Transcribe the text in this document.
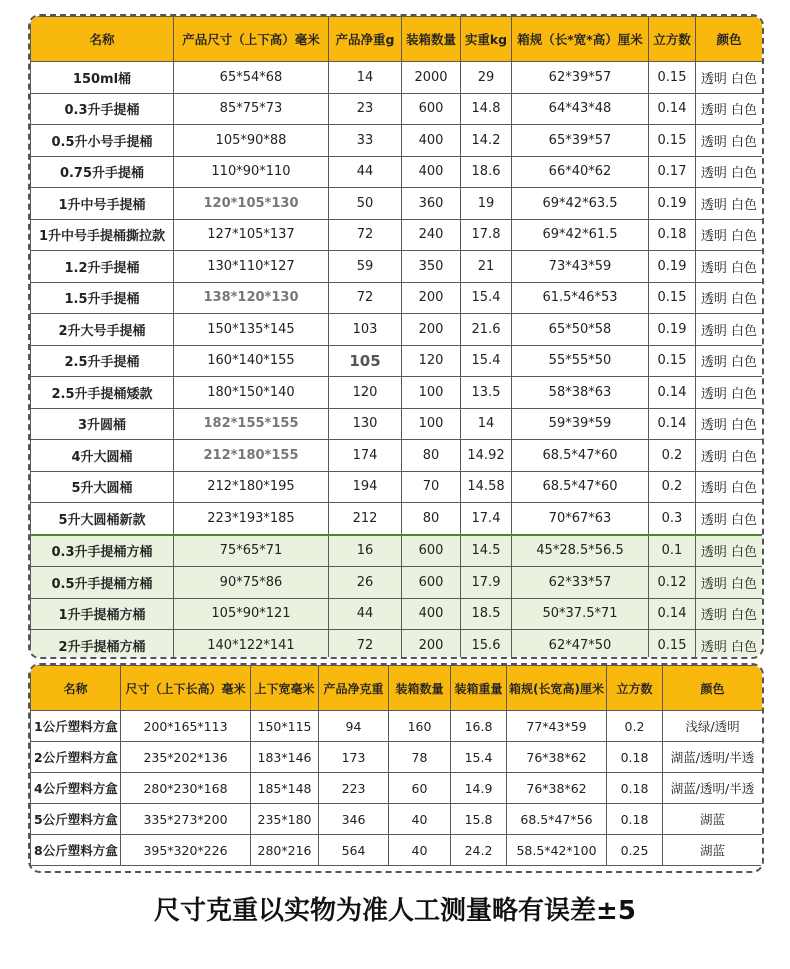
名称	产品尺寸（上下高）毫米	产品净重g	装箱数量	实重kg	箱规（长*宽*高）厘米	立方数	颜色
150ml桶	65*54*68	14	2000	29	62*39*57	0.15	透明 白色
0.3升手提桶	85*75*73	23	600	14.8	64*43*48	0.14	透明 白色
0.5升小号手提桶	105*90*88	33	400	14.2	65*39*57	0.15	透明 白色
0.75升手提桶	110*90*110	44	400	18.6	66*40*62	0.17	透明 白色
1升中号手提桶	120*105*130	50	360	19	69*42*63.5	0.19	透明 白色
1升中号手提桶撕拉款	127*105*137	72	240	17.8	69*42*61.5	0.18	透明 白色
1.2升手提桶	130*110*127	59	350	21	73*43*59	0.19	透明 白色
1.5升手提桶	138*120*130	72	200	15.4	61.5*46*53	0.15	透明 白色
2升大号手提桶	150*135*145	103	200	21.6	65*50*58	0.19	透明 白色
2.5升手提桶	160*140*155	105	120	15.4	55*55*50	0.15	透明 白色
2.5升手提桶矮款	180*150*140	120	100	13.5	58*38*63	0.14	透明 白色
3升圆桶	182*155*155	130	100	14	59*39*59	0.14	透明 白色
4升大圆桶	212*180*155	174	80	14.92	68.5*47*60	0.2	透明 白色
5升大圆桶	212*180*195	194	70	14.58	68.5*47*60	0.2	透明 白色
5升大圆桶新款	223*193*185	212	80	17.4	70*67*63	0.3	透明 白色
0.3升手提桶方桶	75*65*71	16	600	14.5	45*28.5*56.5	0.1	透明 白色
0.5升手提桶方桶	90*75*86	26	600	17.9	62*33*57	0.12	透明 白色
1升手提桶方桶	105*90*121	44	400	18.5	50*37.5*71	0.14	透明 白色
2升手提桶方桶	140*122*141	72	200	15.6	62*47*50	0.15	透明 白色
名称	尺寸（上下长高）毫米	上下宽毫米	产品净克重	装箱数量	装箱重量	箱规(长宽高)厘米	立方数	颜色
1公斤塑料方盒	200*165*113	150*115	94	160	16.8	77*43*59	0.2	浅绿/透明
2公斤塑料方盒	235*202*136	183*146	173	78	15.4	76*38*62	0.18	湖蓝/透明/半透
4公斤塑料方盒	280*230*168	185*148	223	60	14.9	76*38*62	0.18	湖蓝/透明/半透
5公斤塑料方盒	335*273*200	235*180	346	40	15.8	68.5*47*56	0.18	湖蓝
8公斤塑料方盒	395*320*226	280*216	564	40	24.2	58.5*42*100	0.25	湖蓝
尺寸克重以实物为准人工测量略有误差±5
